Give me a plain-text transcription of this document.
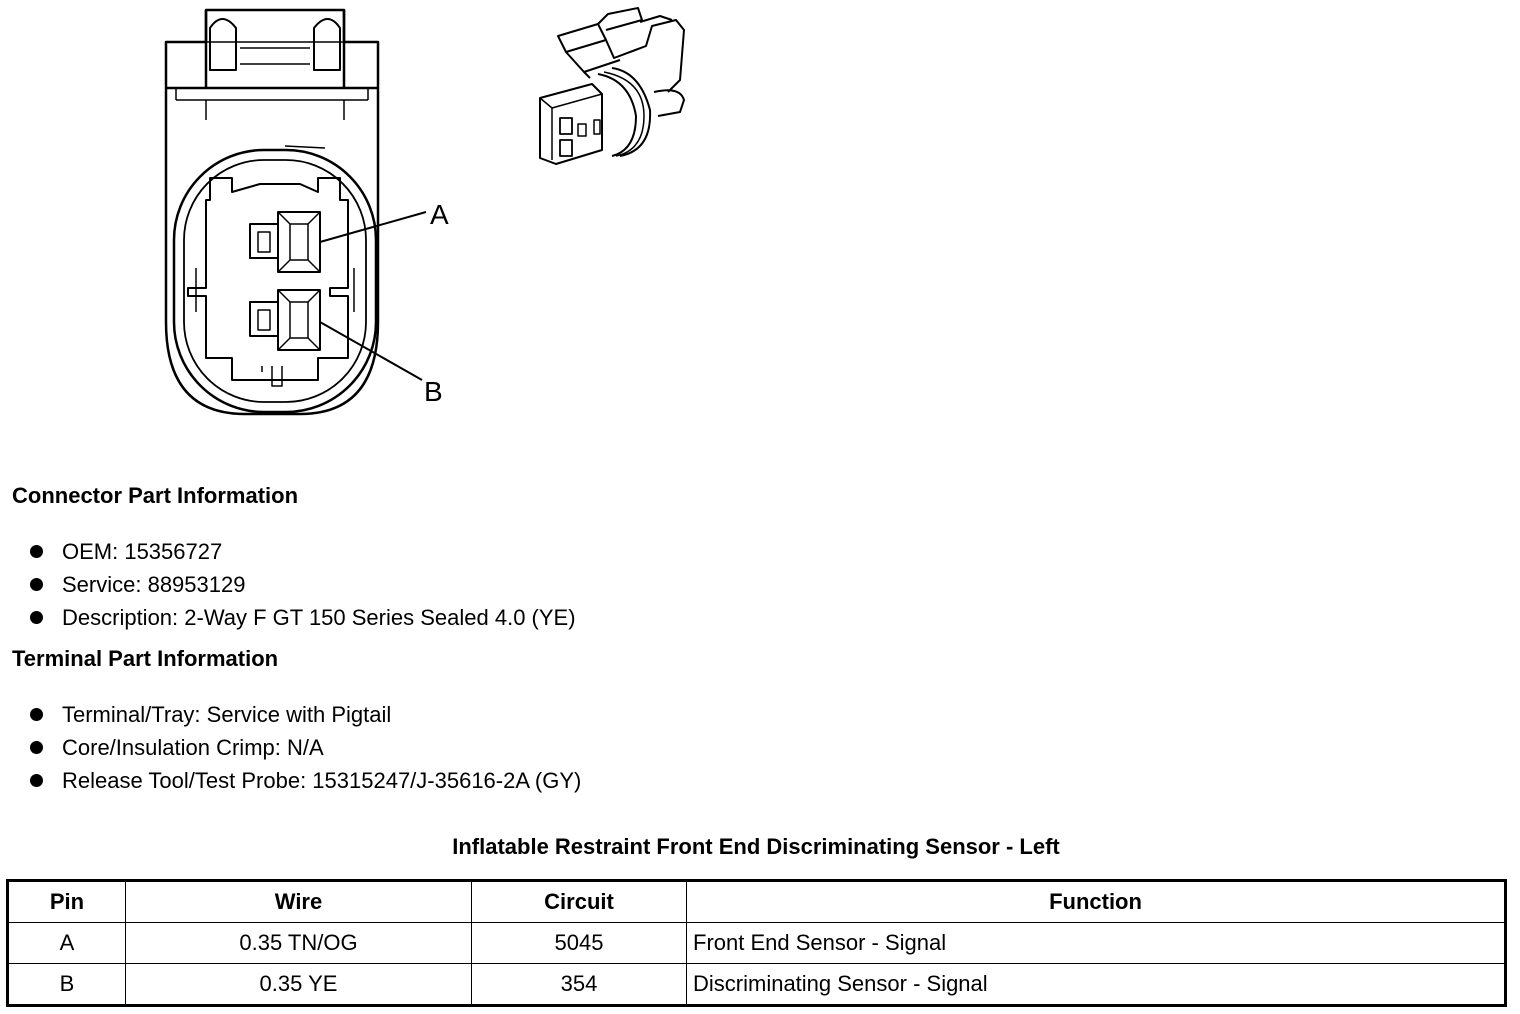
A
B
Connector Part Information
OEM: 15356727
Service: 88953129
Description: 2-Way F GT 150 Series Sealed 4.0 (YE)
Terminal Part Information
Terminal/Tray: Service with Pigtail
Core/Insulation Crimp: N/A
Release Tool/Test Probe: 15315247/J-35616-2A (GY)
Inflatable Restraint Front End Discriminating Sensor - Left
Pin	Wire	Circuit	Function
A	0.35 TN/OG	5045	Front End Sensor - Signal
B	0.35 YE	354	Discriminating Sensor - Signal
